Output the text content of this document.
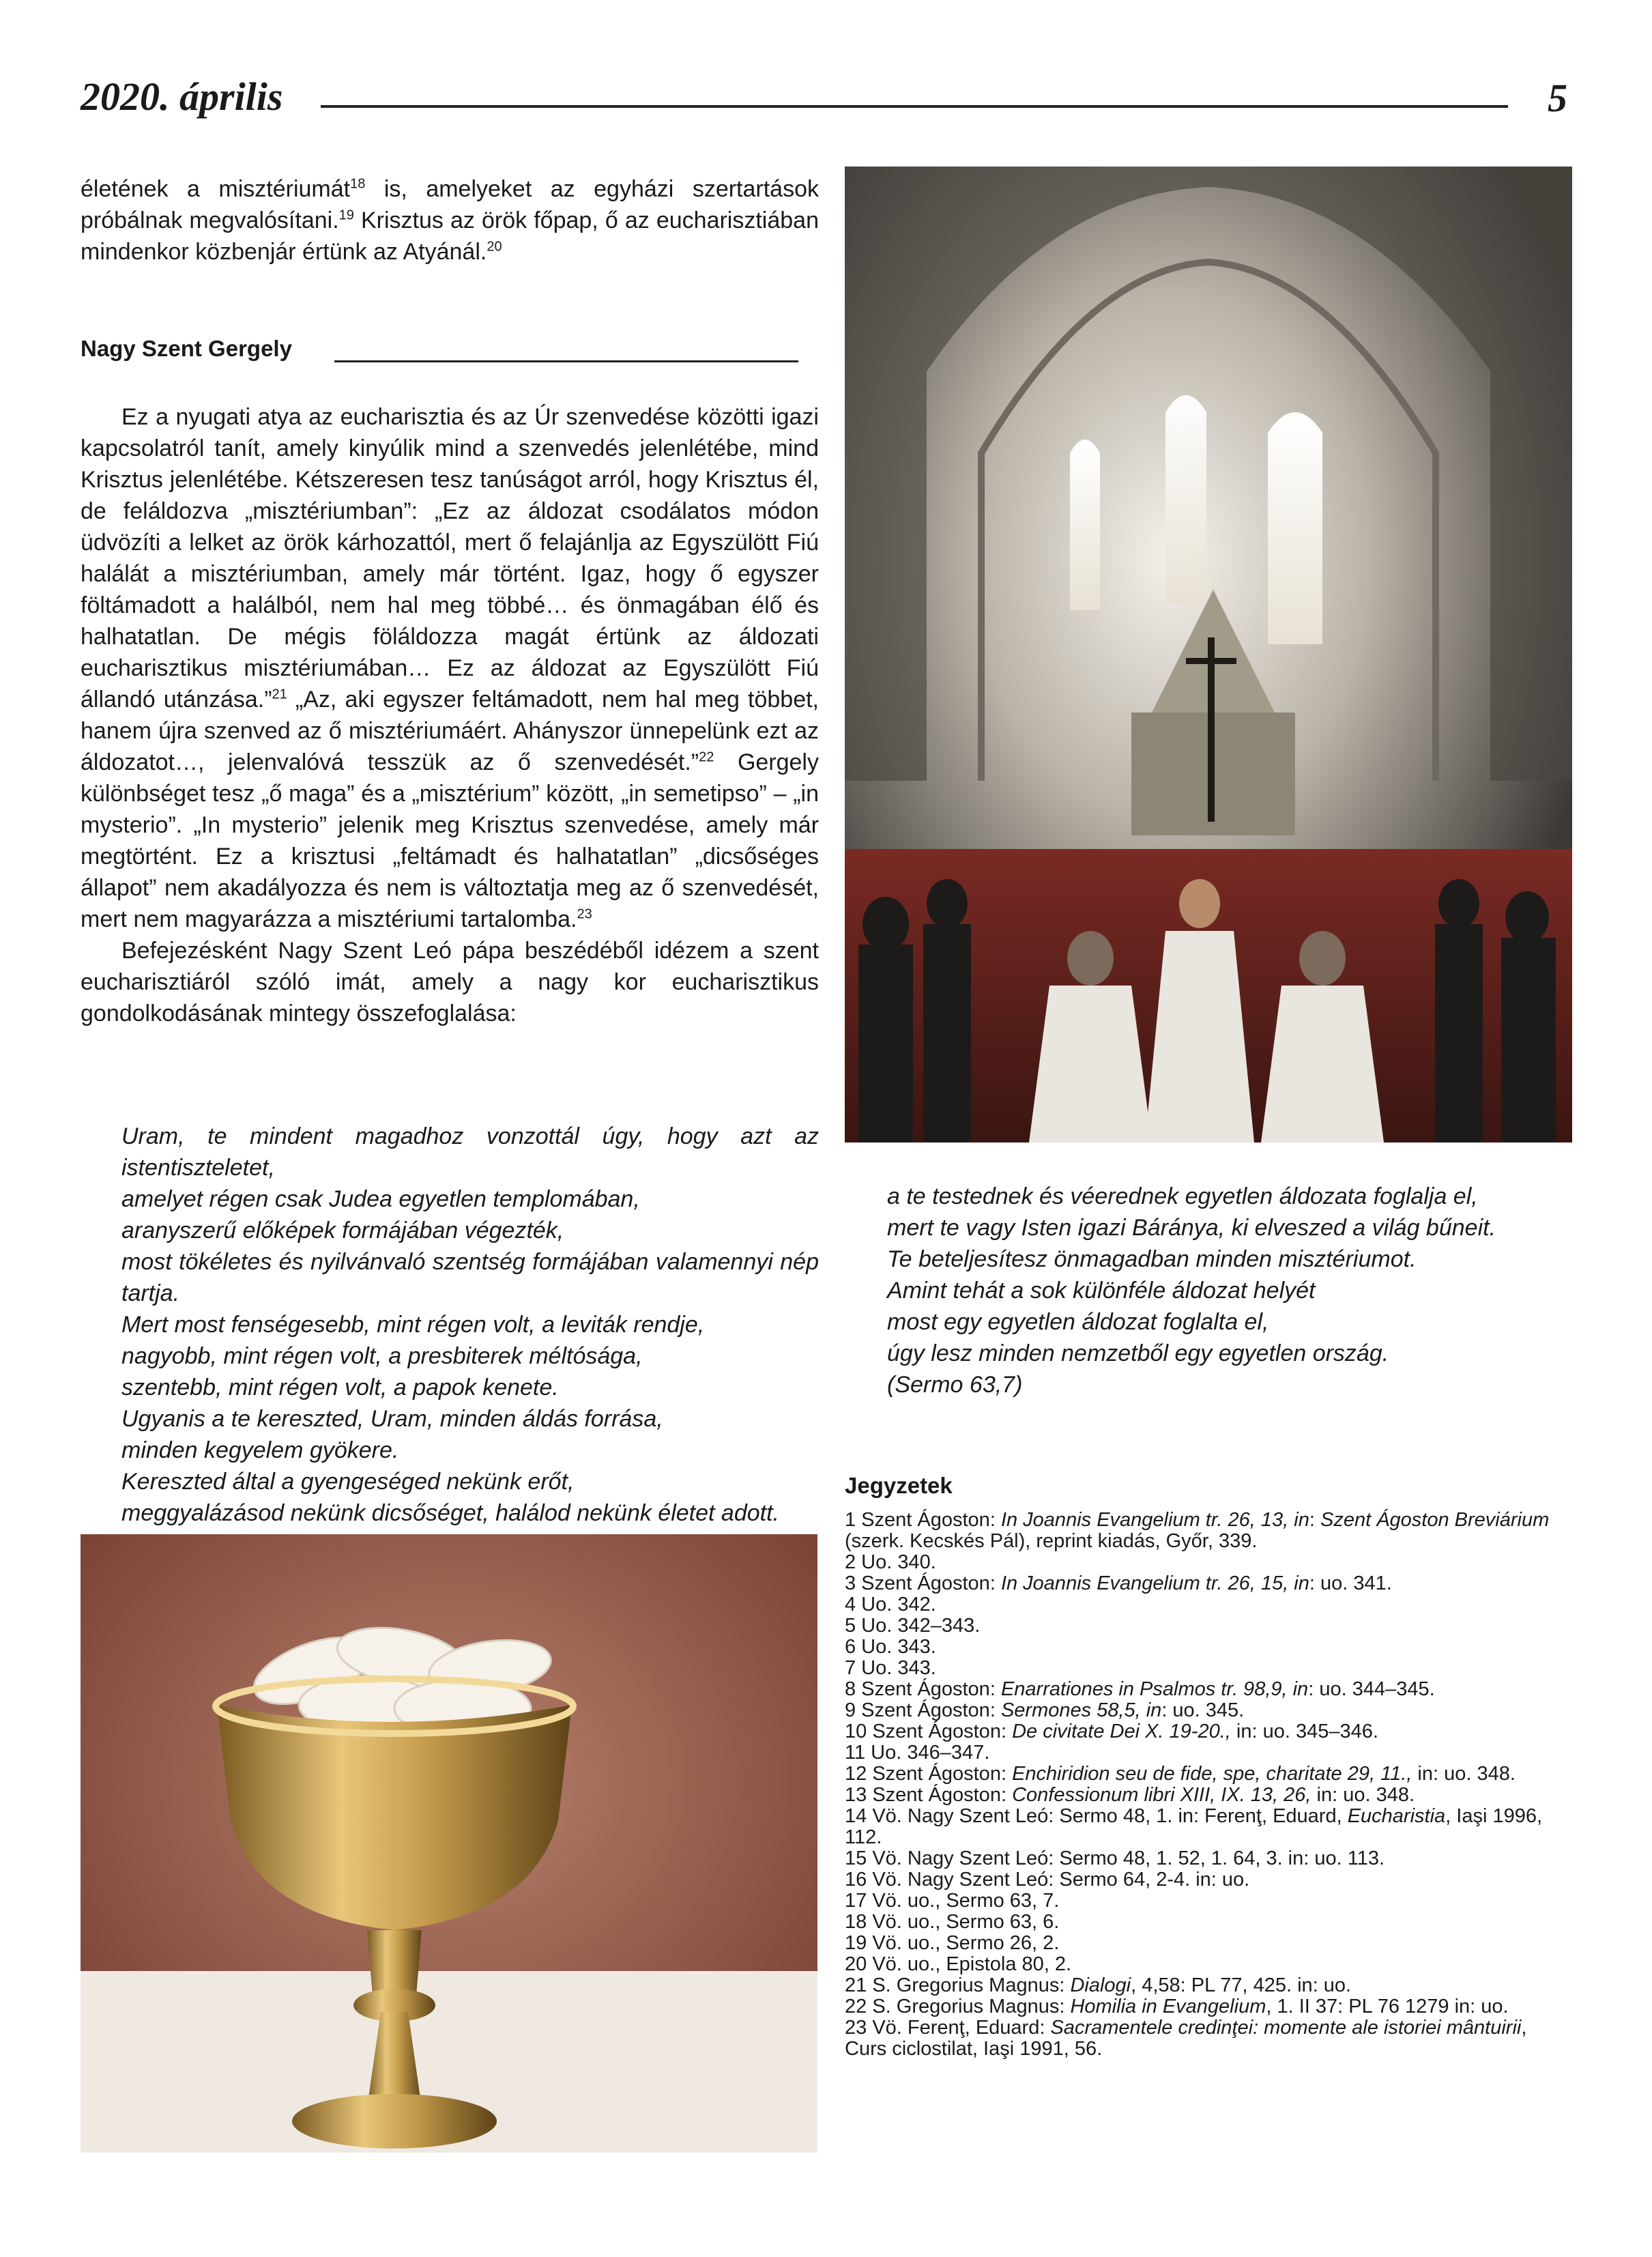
2020. április	5

életének a misztériumát$^{18}$ is, amelyeket az egyházi szertartások próbálnak megvalósítani.$^{19}$ Krisztus az örök főpap, ő az eucharisztiában mindenkor közbenjár értünk az Atyánál.$^{20}$

Nagy Szent Gergely

Ez a nyugati atya az eucharisztia és az Úr szenvedése közötti igazi kapcsolatról tanít, amely kinyúlik mind a szenvedés jelenlétébe, mind Krisztus jelenlétébe. Kétszeresen tesz tanúságot arról, hogy Krisztus él, de feláldozva „misztériumban”: „Ez az áldozat csodálatos módon üdvözíti a lelket az örök kárhozattól, mert ő felajánlja az Egyszülött Fiú halálát a misztériumban, amely már történt. Igaz, hogy ő egyszer föltámadott a halálból, nem hal meg többé… és önmagában élő és halhatatlan. De mégis föláldozza magát értünk az áldozati eucharisztikus misztériumában… Ez az áldozat az Egyszülött Fiú állandó utánzása.”$^{21}$ „Az, aki egyszer feltámadott, nem hal meg többet, hanem újra szenved az ő misztériumáért. Ahányszor ünnepelünk ezt az áldozatot…, jelenvalóvá tesszük az ő szenvedését.”$^{22}$ Gergely különbséget tesz „ő maga” és a „misztérium” között, „in semetipso” – „in mysterio”. „In mysterio” jelenik meg Krisztus szenvedése, amely már megtörtént. Ez a krisztusi „feltámadt és halhatatlan” „dicsőséges állapot” nem akadályozza és nem is változtatja meg az ő szenvedését, mert nem magyarázza a misztériumi tartalomba.$^{23}$

Befejezésként Nagy Szent Leó pápa beszédéből idézem a szent eucharisztiáról szóló imát, amely a nagy kor eucharisztikus gondolkodásának mintegy összefoglalása:

Uram, te mindent magadhoz vonzottál úgy, hogy azt az istentiszteletet,
amelyet régen csak Judea egyetlen templomában,
aranyszerű előképek formájában végezték,
most tökéletes és nyilvánvaló szentség formájában valamennyi nép tartja.
Mert most fenségesebb, mint régen volt, a leviták rendje,
nagyobb, mint régen volt, a presbiterek méltósága,
szentebb, mint régen volt, a papok kenete.
Ugyanis a te kereszted, Uram, minden áldás forrása,
minden kegyelem gyökere.
Kereszted által a gyengeséged nekünk erőt,
meggyalázásod nekünk dicsőséget, halálod nekünk életet adott.
a te testednek és véerednek egyetlen áldozata foglalja el,
mert te vagy Isten igazi Báránya, ki elveszed a világ bűneit.
Te beteljesítesz önmagadban minden misztériumot.
Amint tehát a sok különféle áldozat helyét
most egy egyetlen áldozat foglalta el,
úgy lesz minden nemzetből egy egyetlen ország.
(Sermo 63,7)
Jegyzetek

1 Szent Ágoston: In Joannis Evangelium tr. 26, 13, in: Szent Ágoston Breviárium (szerk. Kecskés Pál), reprint kiadás, Győr, 339.

2 Uo. 340.

3 Szent Ágoston: In Joannis Evangelium tr. 26, 15, in: uo. 341.

4 Uo. 342.

5 Uo. 342–343.

6 Uo. 343.

7 Uo. 343.

8 Szent Ágoston: Enarrationes in Psalmos tr. 98,9, in: uo. 344–345.

9 Szent Ágoston: Sermones 58,5, in: uo. 345.

10 Szent Ágoston: De civitate Dei X. 19-20., in: uo. 345–346.

11 Uo. 346–347.

12 Szent Ágoston: Enchiridion seu de fide, spe, charitate 29, 11., in: uo. 348.

13 Szent Ágoston: Confessionum libri XIII, IX. 13, 26, in: uo. 348.

14 Vö. Nagy Szent Leó: Sermo 48, 1. in: Ferenţ, Eduard, Eucharistia, Iaşi 1996, 112.

15 Vö. Nagy Szent Leó: Sermo 48, 1. 52, 1. 64, 3. in: uo. 113.

16 Vö. Nagy Szent Leó: Sermo 64, 2-4. in: uo.

17 Vö. uo., Sermo 63, 7.

18 Vö. uo., Sermo 63, 6.

19 Vö. uo., Sermo 26, 2.

20 Vö. uo., Epistola 80, 2.

21 S. Gregorius Magnus: Dialogi, 4,58: PL 77, 425. in: uo.

22 S. Gregorius Magnus: Homilia in Evangelium, 1. II 37: PL 76 1279 in: uo.

23 Vö. Ferenţ, Eduard: Sacramentele credinţei: momente ale istoriei mântuirii, Curs ciclostilat, Iaşi 1991, 56.
